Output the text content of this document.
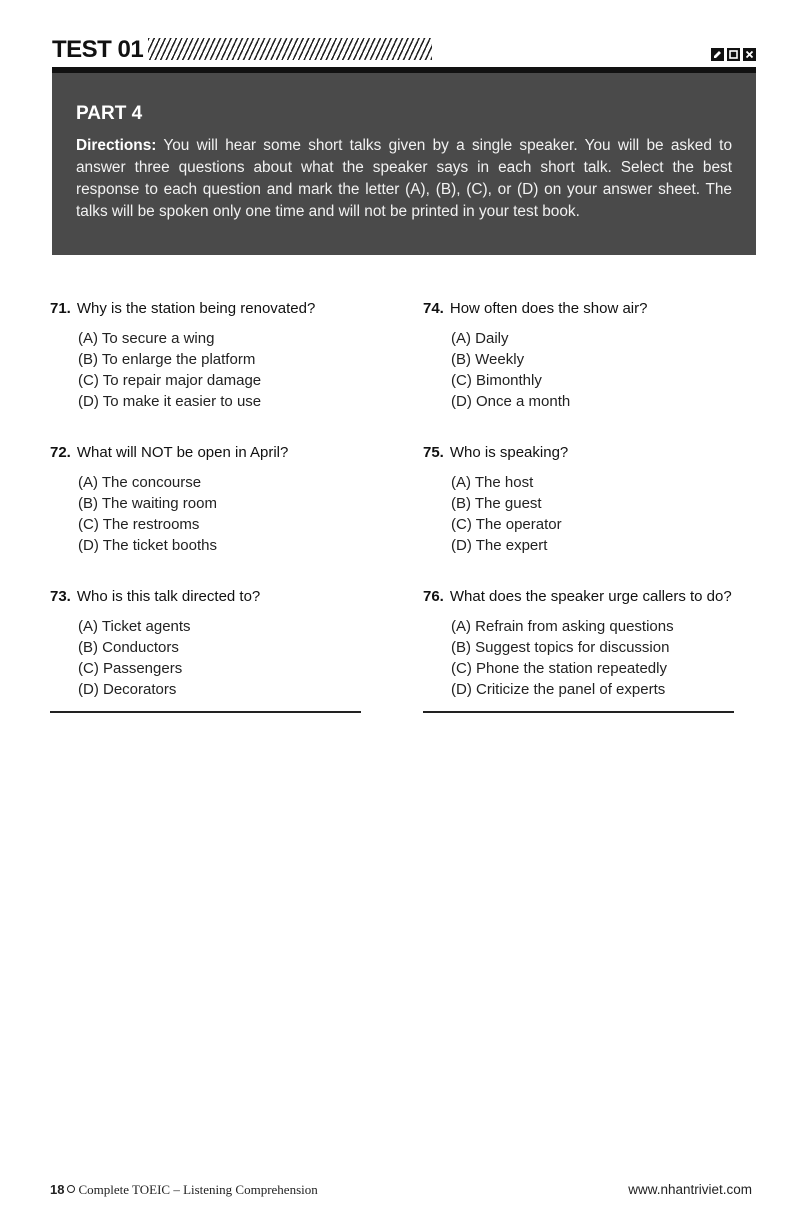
TEST 01
PART 4
Directions: You will hear some short talks given by a single speaker. You will be asked to answer three questions about what the speaker says in each short talk. Select the best response to each question and mark the letter (A), (B), (C), or (D) on your answer sheet. The talks will be spoken only one time and will not be printed in your test book.
71. Why is the station being renovated?
(A) To secure a wing
(B) To enlarge the platform
(C) To repair major damage
(D) To make it easier to use
72. What will NOT be open in April?
(A) The concourse
(B) The waiting room
(C) The restrooms
(D) The ticket booths
73. Who is this talk directed to?
(A) Ticket agents
(B) Conductors
(C) Passengers
(D) Decorators
74. How often does the show air?
(A) Daily
(B) Weekly
(C) Bimonthly
(D) Once a month
75. Who is speaking?
(A) The host
(B) The guest
(C) The operator
(D) The expert
76. What does the speaker urge callers to do?
(A) Refrain from asking questions
(B) Suggest topics for discussion
(C) Phone the station repeatedly
(D) Criticize the panel of experts
18 Complete TOEIC – Listening Comprehension	www.nhantriviet.com
